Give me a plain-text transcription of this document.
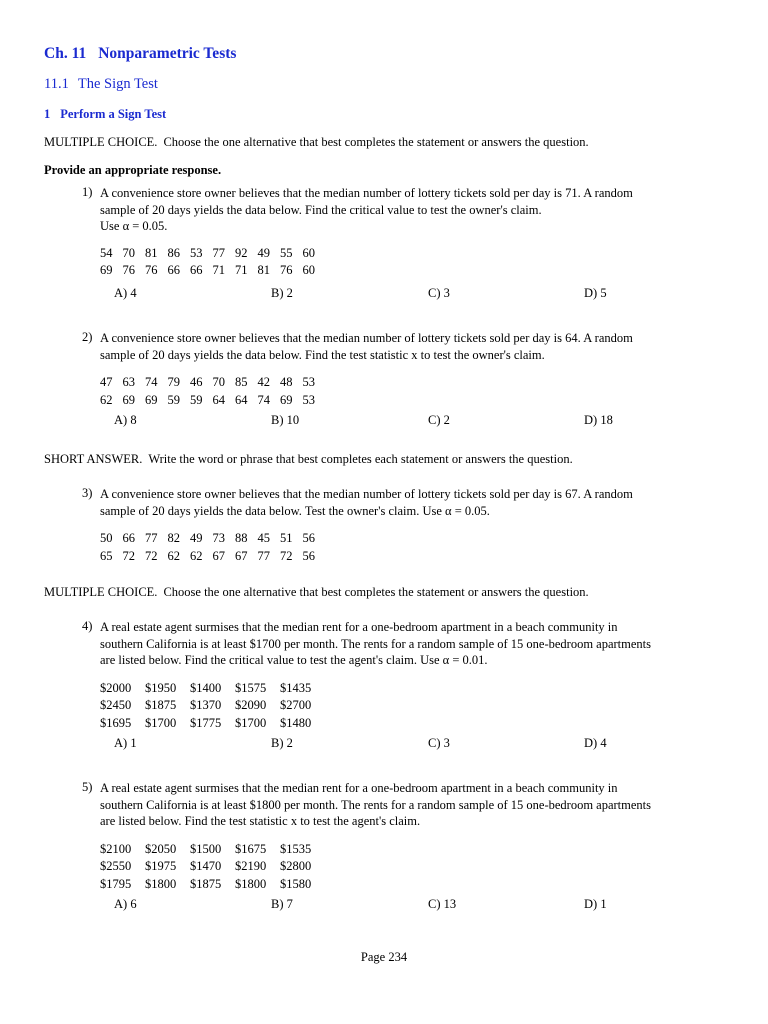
Ch. 11 Nonparametric Tests
11.1 The Sign Test
1 Perform a Sign Test
MULTIPLE CHOICE. Choose the one alternative that best completes the statement or answers the question.
Provide an appropriate response.
1) A convenience store owner believes that the median number of lottery tickets sold per day is 71. A random
sample of 20 days yields the data below. Find the critical value to test the owner's claim.
Use α = 0.05.
54 70 81 86 53 77 92 49 55 60
69 76 76 66 66 71 71 81 76 60
A) 4	B) 2	C) 3	D) 5
2) A convenience store owner believes that the median number of lottery tickets sold per day is 64. A random
sample of 20 days yields the data below. Find the test statistic x to test the owner's claim.
47 63 74 79 46 70 85 42 48 53
62 69 69 59 59 64 64 74 69 53
A) 8	B) 10	C) 2	D) 18
SHORT ANSWER. Write the word or phrase that best completes each statement or answers the question.
3) A convenience store owner believes that the median number of lottery tickets sold per day is 67. A random
sample of 20 days yields the data below. Test the owner's claim. Use α = 0.05.
50 66 77 82 49 73 88 45 51 56
65 72 72 62 62 67 67 77 72 56
MULTIPLE CHOICE. Choose the one alternative that best completes the statement or answers the question.
4) A real estate agent surmises that the median rent for a one-bedroom apartment in a beach community in
southern California is at least $1700 per month. The rents for a random sample of 15 one-bedroom apartments
are listed below. Find the critical value to test the agent's claim. Use α = 0.01.
$2000 $1950 $1400 $1575 $1435
$2450 $1875 $1370 $2090 $2700
$1695 $1700 $1775 $1700 $1480
A) 1	B) 2	C) 3	D) 4
5) A real estate agent surmises that the median rent for a one-bedroom apartment in a beach community in
southern California is at least $1800 per month. The rents for a random sample of 15 one-bedroom apartments
are listed below. Find the test statistic x to test the agent's claim.
$2100 $2050 $1500 $1675 $1535
$2550 $1975 $1470 $2190 $2800
$1795 $1800 $1875 $1800 $1580
A) 6	B) 7	C) 13	D) 1
Page 234
